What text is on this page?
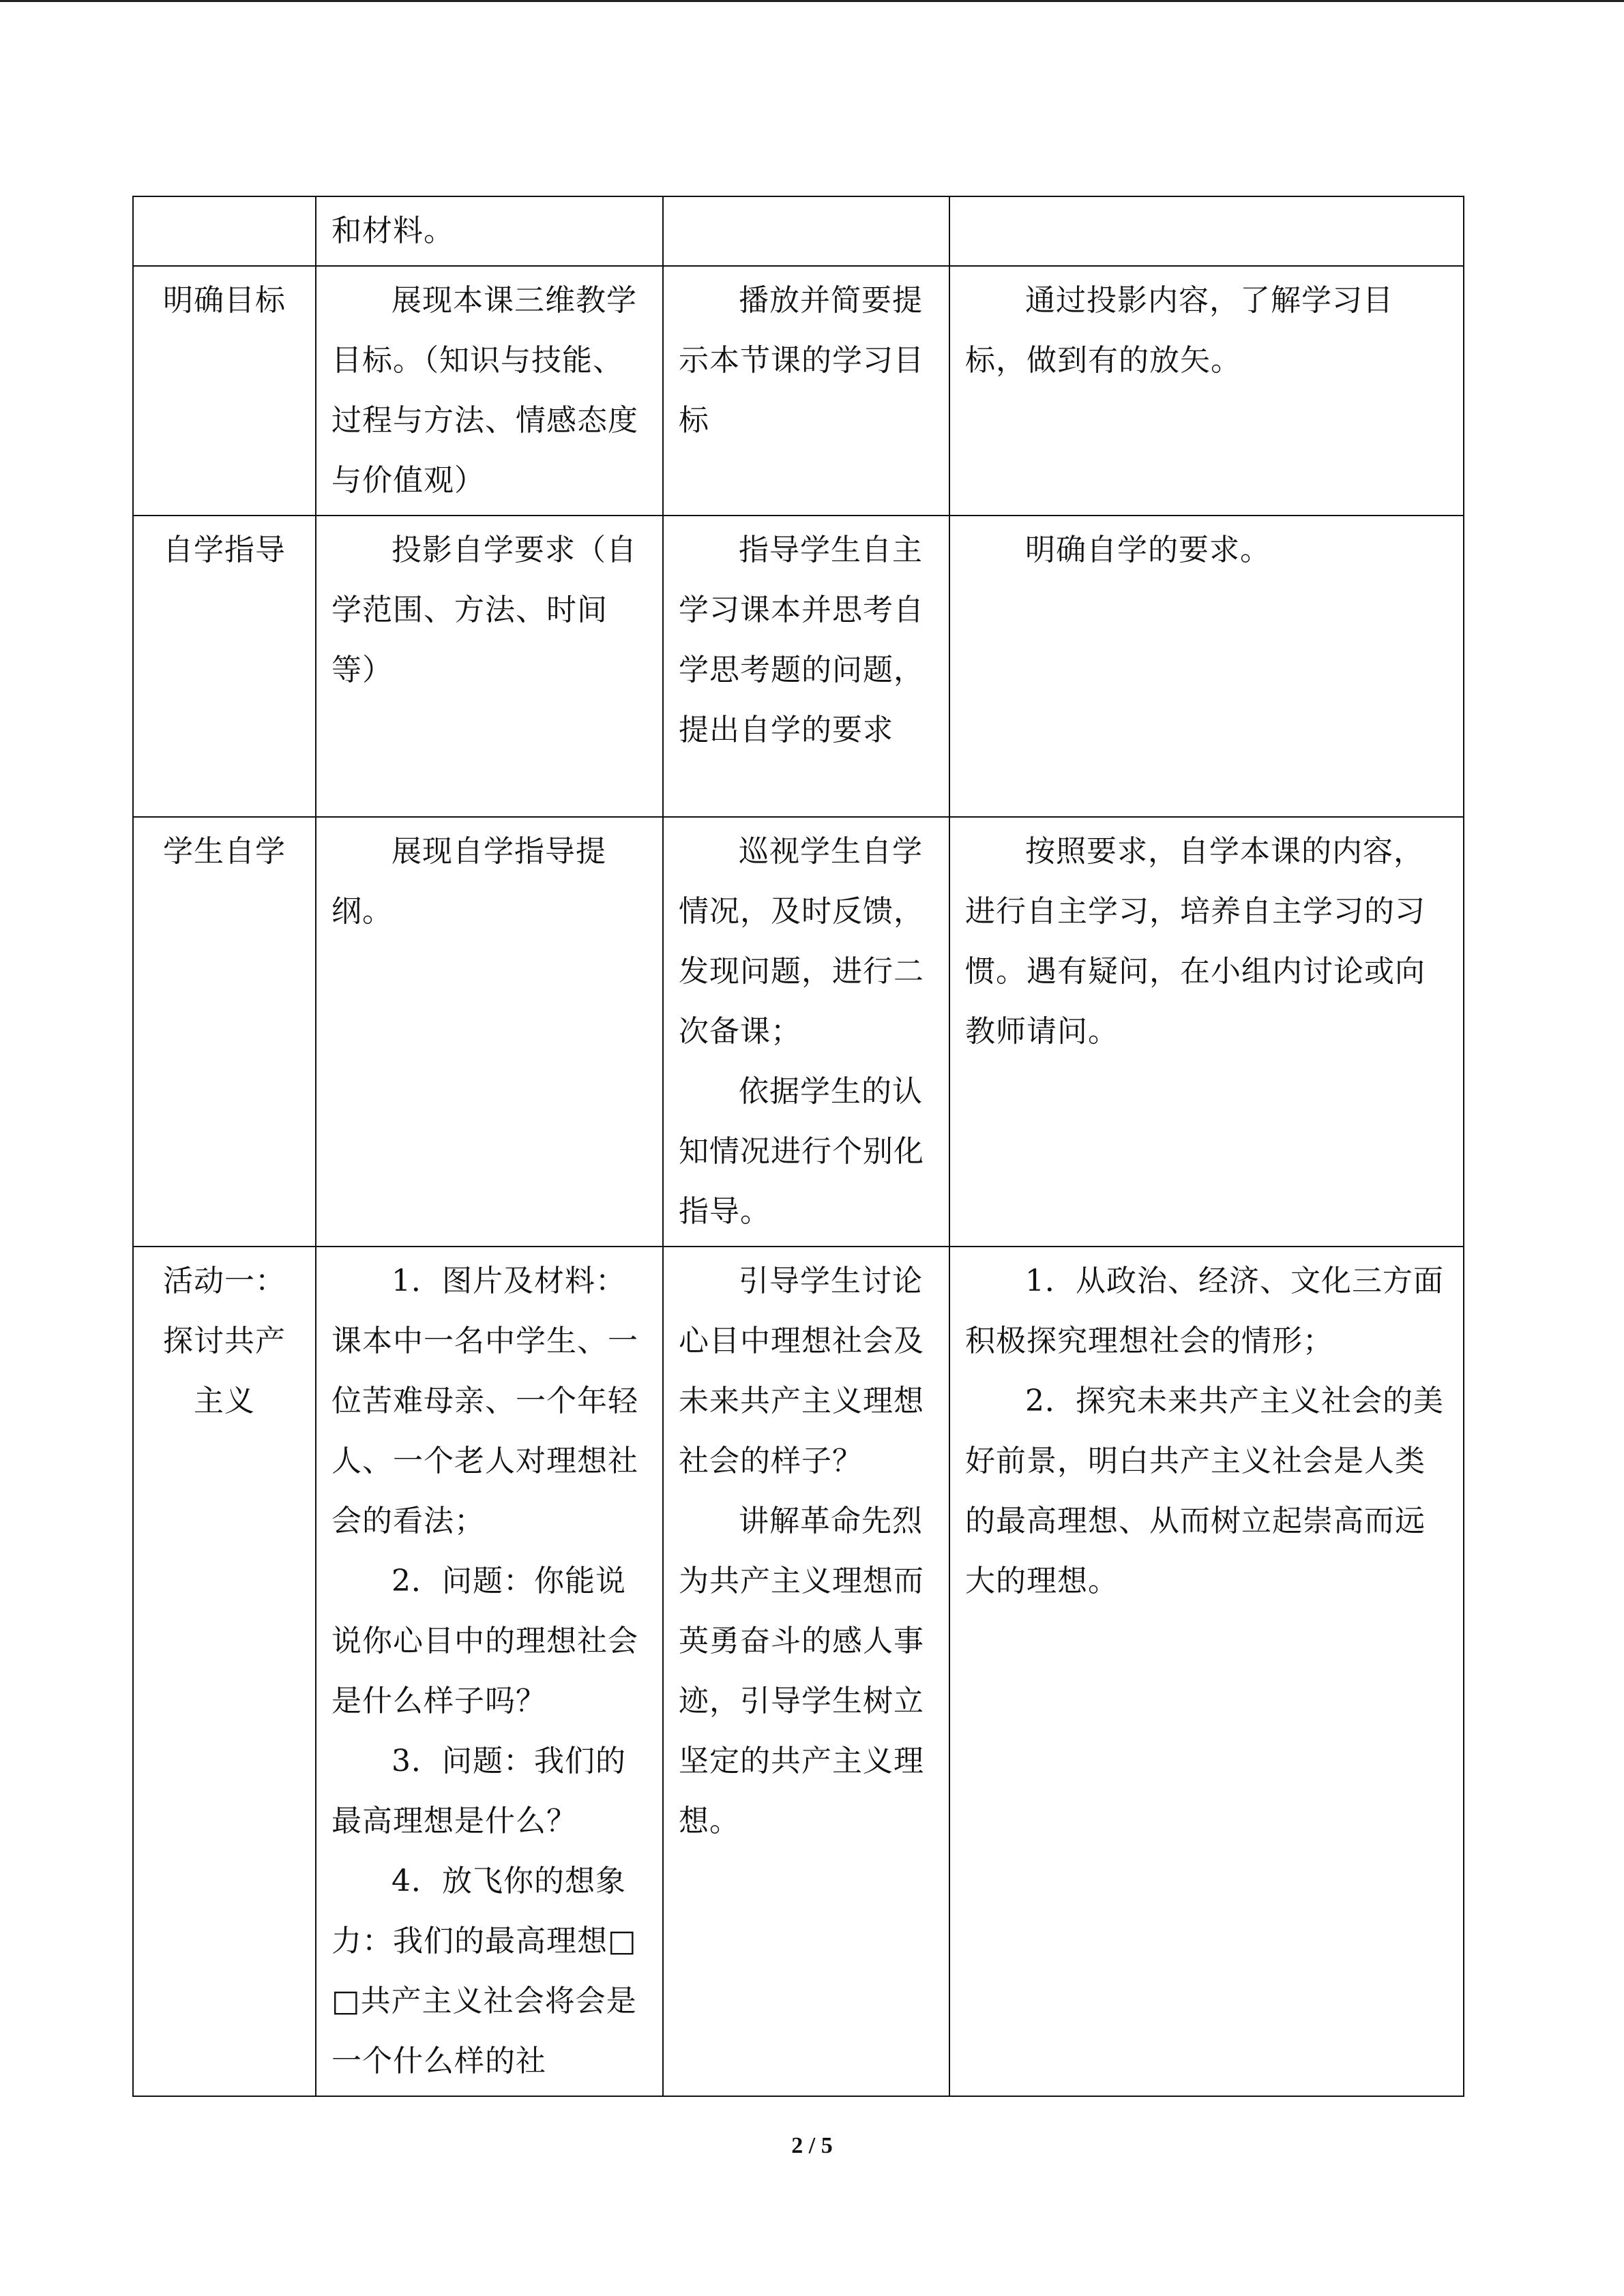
	和材料。		

明确目标	展现本课三维教学目标。（知识与技能、过程与方法、情感态度与价值观）	播放并简要提示本节课的学习目标	通过投影内容，了解学习目标，做到有的放矢。

自学指导	投影自学要求（自学范围、方法、时间等）	指导学生自主学习课本并思考自学思考题的问题，提出自学的要求	明确自学的要求。

学生自学	展现自学指导提纲。	巡视学生自学情况，及时反馈，发现问题，进行二次备课；
依据学生的认知情况进行个别化指导。	按照要求，自学本课的内容，进行自主学习，培养自主学习的习惯。遇有疑问，在小组内讨论或向教师请问。

活动一：探讨共产主义	1．图片及材料：课本中一名中学生、一位苦难母亲、一个年轻人、一个老人对理想社会的看法；
2．问题：你能说说你心目中的理想社会是什么样子吗？
3．问题：我们的最高理想是什么？
4．放飞你的想象力：我们的最高理想□□共产主义社会将会是一个什么样的社	引导学生讨论心目中理想社会及未来共产主义理想社会的样子？
讲解革命先烈为共产主义理想而英勇奋斗的感人事迹，引导学生树立坚定的共产主义理想。	1．从政治、经济、文化三方面积极探究理想社会的情形；
2．探究未来共产主义社会的美好前景，明白共产主义社会是人类的最高理想、从而树立起崇高而远大的理想。
2 / 5
